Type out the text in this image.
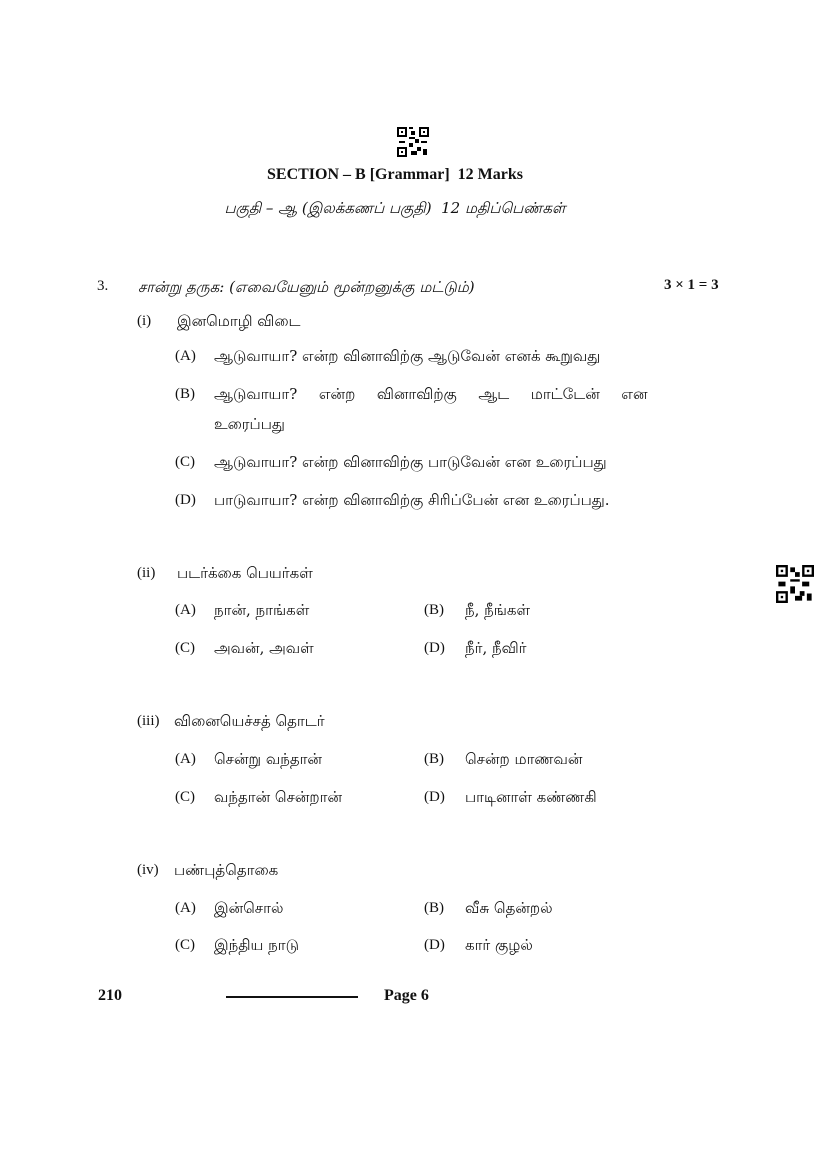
SECTION – B [Grammar]  12 Marks
பகுதி – ஆ (இலக்கணப் பகுதி)  12 மதிப்பெண்கள்
3. சான்று தருக: (எவையேனும் மூன்றனுக்கு மட்டும்)	3 × 1 = 3
(i) இனமொழி விடை
(A) ஆடுவாயா? என்ற வினாவிற்கு ஆடுவேன் எனக் கூறுவது
(B) ஆடுவாயா?  என்ற  வினாவிற்கு  ஆட  மாட்டேன்  என
உரைப்பது
(C) ஆடுவாயா? என்ற வினாவிற்கு பாடுவேன் என உரைப்பது
(D) பாடுவாயா? என்ற வினாவிற்கு சிரிப்பேன் என உரைப்பது.
(ii) படர்க்கை பெயர்கள்
(A) நான், நாங்கள்	(B) நீ, நீங்கள்
(C) அவன், அவள்	(D) நீர், நீவிர்
(iii) வினையெச்சத் தொடர்
(A) சென்று வந்தான்	(B) சென்ற மாணவன்
(C) வந்தான் சென்றான்	(D) பாடினாள் கண்ணகி
(iv) பண்புத்தொகை
(A) இன்சொல்	(B) வீசு தென்றல்
(C) இந்திய நாடு	(D) கார் குழல்
210	Page 6
